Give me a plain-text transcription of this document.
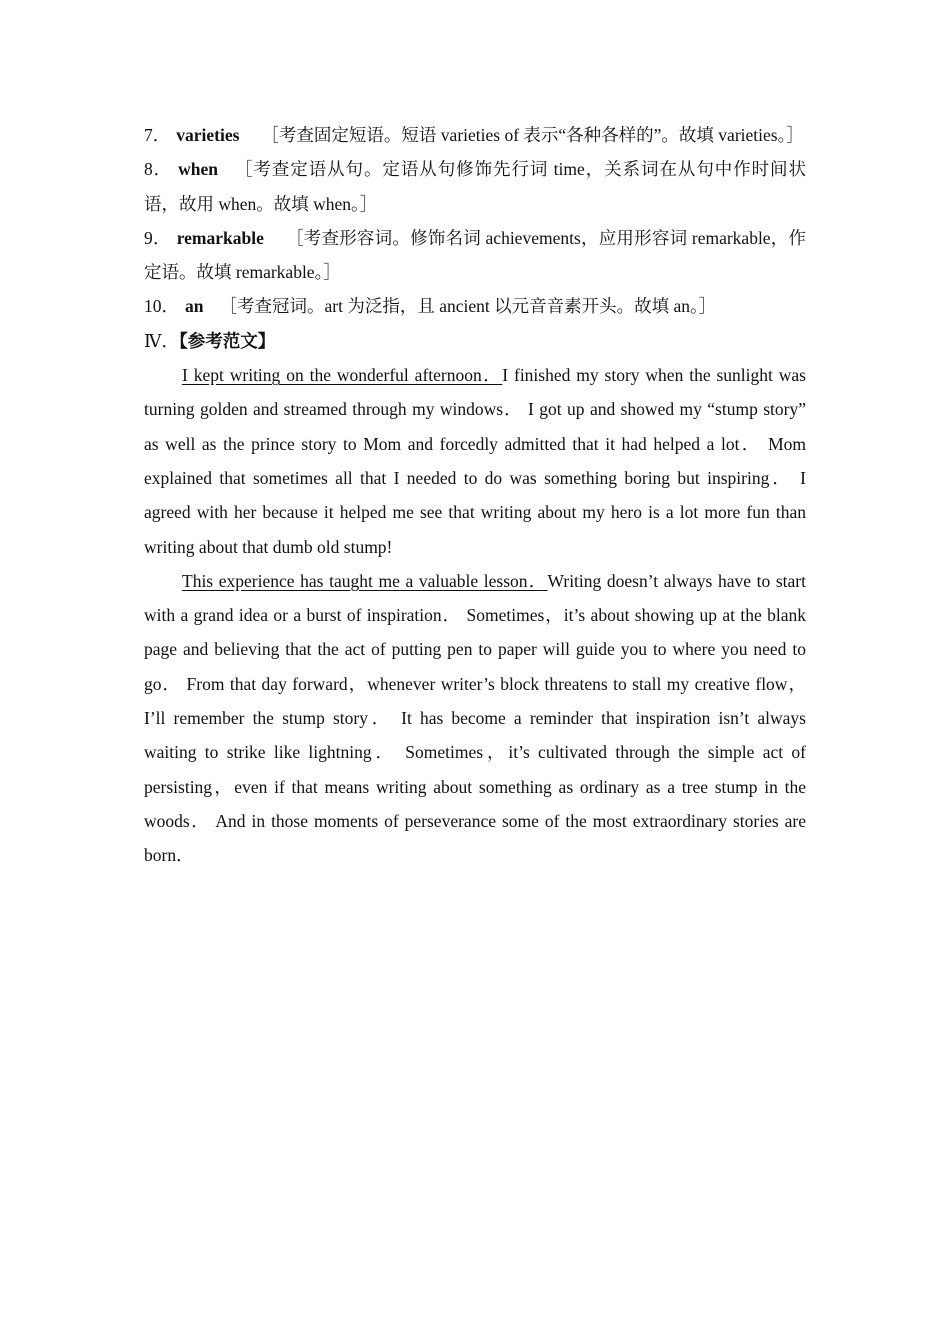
7． varieties ［考查固定短语。短语 varieties of 表示“各种各样的”。故填 varieties。］

8． when ［考查定语从句。定语从句修饰先行词 time，关系词在从句中作时间状语，故用 when。故填 when。］

9． remarkable ［考查形容词。修饰名词 achievements，应用形容词 remarkable，作定语。故填 remarkable。］

10． an ［考查冠词。art 为泛指，且 ancient 以元音音素开头。故填 an。］

Ⅳ．【参考范文】

I kept writing on the wonderful afternoon．I finished my story when the sunlight was turning golden and streamed through my windows． I got up and showed my “stump story” as well as the prince story to Mom and forcedly admitted that it had helped a lot． Mom explained that sometimes all that I needed to do was something boring but inspiring． I agreed with her because it helped me see that writing about my hero is a lot more fun than writing about that dumb old stump!

This experience has taught me a valuable lesson．Writing doesn’t always have to start with a grand idea or a burst of inspiration． Sometimes，it’s about showing up at the blank page and believing that the act of putting pen to paper will guide you to where you need to go． From that day forward，whenever writer’s block threatens to stall my creative flow，I’ll remember the stump story． It has become a reminder that inspiration isn’t always waiting to strike like lightning． Sometimes，it’s cultivated through the simple act of persisting，even if that means writing about something as ordinary as a tree stump in the woods． And in those moments of perseverance some of the most extraordinary stories are born．
